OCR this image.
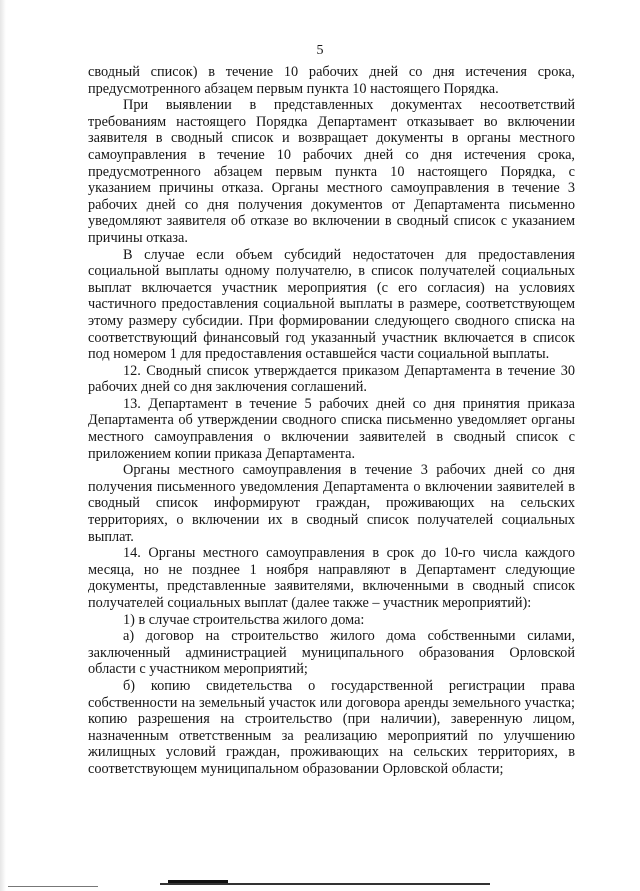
5

сводный список) в течение 10 рабочих дней со дня истечения срока, предусмотренного абзацем первым пункта 10 настоящего Порядка.

При выявлении в представленных документах несоответствий требованиям настоящего Порядка Департамент отказывает во включении заявителя в сводный список и возвращает документы в органы местного самоуправления в течение 10 рабочих дней со дня истечения срока, предусмотренного абзацем первым пункта 10 настоящего Порядка, с указанием причины отказа. Органы местного самоуправления в течение 3 рабочих дней со дня получения документов от Департамента письменно уведомляют заявителя об отказе во включении в сводный список с указанием причины отказа.

В случае если объем субсидий недостаточен для предоставления социальной выплаты одному получателю, в список получателей социальных выплат включается участник мероприятия (с его согласия) на условиях частичного предоставления социальной выплаты в размере, соответствующем этому размеру субсидии. При формировании следующего сводного списка на соответствующий финансовый год указанный участник включается в список под номером 1 для предоставления оставшейся части социальной выплаты.

12. Сводный список утверждается приказом Департамента в течение 30 рабочих дней со дня заключения соглашений.

13. Департамент в течение 5 рабочих дней со дня принятия приказа Департамента об утверждении сводного списка письменно уведомляет органы местного самоуправления о включении заявителей в сводный список с приложением копии приказа Департамента.

Органы местного самоуправления в течение 3 рабочих дней со дня получения письменного уведомления Департамента о включении заявителей в сводный список информируют граждан, проживающих на сельских территориях, о включении их в сводный список получателей социальных выплат.

14. Органы местного самоуправления в срок до 10-го числа каждого месяца, но не позднее 1 ноября направляют в Департамент следующие документы, представленные заявителями, включенными в сводный список получателей социальных выплат (далее также – участник мероприятий):

1) в случае строительства жилого дома:

а) договор на строительство жилого дома собственными силами, заключенный администрацией муниципального образования Орловской области с участником мероприятий;

б) копию свидетельства о государственной регистрации права собственности на земельный участок или договора аренды земельного участка; копию разрешения на строительство (при наличии), заверенную лицом, назначенным ответственным за реализацию мероприятий по улучшению жилищных условий граждан, проживающих на сельских территориях, в соответствующем муниципальном образовании Орловской области;
